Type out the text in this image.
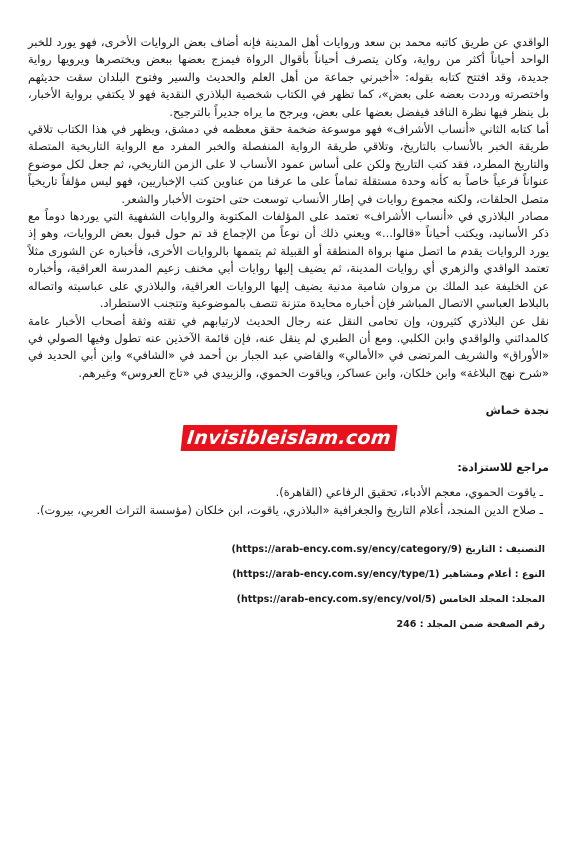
الواقدي عن طريق كاتبه محمد بن سعد وروايات أهل المدينة فإنه أضاف بعض الروايات الأخرى، فهو يورد للخبر الواحد أحياناً أكثر من رواية، وكان يتصرف أحياناً بأقوال الرواة فيمزج بعضها ببعض ويختصرها ويرويها رواية جديدة، وقد افتتح كتابه بقوله: «أخبرني جماعة من أهل العلم والحديث والسير وفتوح البلدان سقت حديثهم واختصرته ورددت بعضه على بعض»، كما تظهر في الكتاب شخصية البلاذري النقدية فهو لا يكتفي برواية الأخبار، بل ينظر فيها نظرة الناقد فيفضل بعضها على بعض، ويرجح ما يراه جديراً بالترجيح.

أما كتابه الثاني «أنساب الأشراف» فهو موسوعة ضخمة حقق معظمه في دمشق، ويظهر في هذا الكتاب تلاقي طريقة الخبر بالأنساب بالتاريخ، وتلاقي طريقة الرواية المنفصلة والخبر المفرد مع الرواية التاريخية المتصلة والتاريخ المطرد، فقد كتب التاريخ ولكن على أساس عمود الأنساب لا على الزمن التاريخي، ثم جعل لكل موضوع عنواناً فرعياً خاصاً به كأنه وحدة مستقلة تماماً على ما عرفنا من عناوين كتب الإخباريين، فهو ليس مؤلفاً تاريخياً متصل الحلقات، ولكنه مجموع روايات في إطار الأنساب توسعت حتى احتوت الأخبار والشعر.

مصادر البلاذري في «أنساب الأشراف» تعتمد على المؤلفات المكتوبة والروايات الشفهية التي يوردها دوماً مع ذكر الأسانيد، ويكتب أحياناً «قالوا...» ويعني ذلك أن نوعاً من الإجماع قد تم حول قبول بعض الروايات، وهو إذ يورد الروايات يقدم ما اتصل منها برواة المنطقة أو القبيلة ثم يتممها بالروايات الأخرى، فأخباره عن الشورى مثلاً تعتمد الواقدي والزهري أي روايات المدينة، ثم يضيف إليها روايات أبي مخنف زعيم المدرسة العراقية، وأخباره عن الخليفة عبد الملك بن مروان شامية مدنية يضيف إليها الروايات العراقية، والبلاذري على عباسيته واتصاله بالبلاط العباسي الاتصال المباشر فإن أخباره محايدة متزنة تتصف بالموضوعية وتتجنب الاستطراد.

نقل عن البلاذري كثيرون، وإن تحامى النقل عنه رجال الحديث لارتيابهم في تقته وثقة أصحاب الأخبار عامة كالمدائني والواقدي وابن الكلبي. ومع أن الطبري لم ينقل عنه، فإن قائمة الآخذين عنه تطول وفيها الصولي في «الأوراق» والشريف المرتضى في «الأمالي» والقاضي عبد الجبار بن أحمد في «الشافي» وابن أبي الحديد في «شرح نهج البلاغة» وابن خلكان، وابن عساكر، وياقوت الحموي، والزبيدي في «تاج العروس» وغيرهم.

نجدة خماش

Invisibleislam.com

مراجع للاستزادة:

ـ ياقوت الحموي، معجم الأدباء، تحقيق الرفاعي (القاهرة).
ـ صلاح الدين المنجد، أعلام التاريخ والجغرافية «البلاذري، ياقوت، ابن خلكان (مؤسسة التراث العربي، بيروت).
التصنيف : التاريخ (https://arab-ency.com.sy/ency/category/9)
النوع : أعلام ومشاهير (https://arab-ency.com.sy/ency/type/1)
المجلد: المجلد الخامس (https://arab-ency.com.sy/ency/vol/5)
رقم الصفحة ضمن المجلد : 246
